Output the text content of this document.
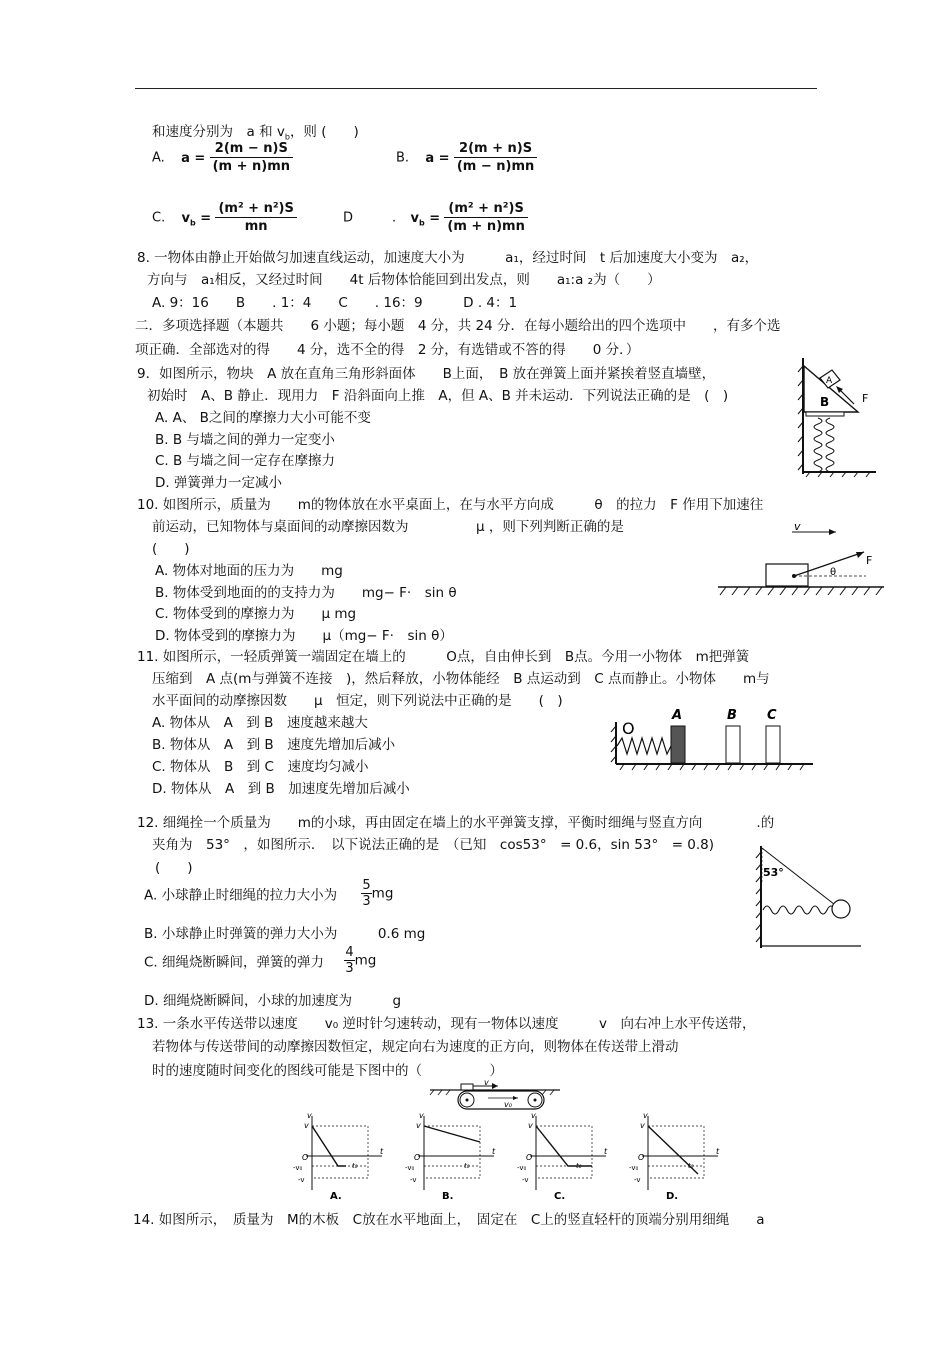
和速度分别为　a 和 $v_b$，则 (　　)
A. $a = \frac{2(m - n)S}{(m + n)mn}$	B. $a = \frac{2(m + n)S}{(m - n)mn}$
C. $v_b = \frac{\text{(m² + n²)S}}{mn}$	D　　　. $v_b = \frac{\text{(m² + n²)S}}{(m + n)mn}$
8. 一物体由静止开始做匀加速直线运动，加速度大小为　　　a₁，经过时间　t 后加速度大小变为　a₂，
方向与　a₁相反，又经过时间　　4t 后物体恰能回到出发点，则　　a₁:a ₂为（　　）
A. 9：16　　B　　. 1：4　　C　　. 16：9　　　D . 4：1
二．多项选择题（本题共　　6 小题；每小题　4 分，共 24 分．在每小题给出的四个选项中　　，有多个选
项正确．全部选对的得　　4 分，选不全的得　2 分，有选错或不答的得　　0 分．）
9．如图所示，物块　A 放在直角三角形斜面体　　B上面，　B 放在弹簧上面并紧挨着竖直墙壁，
初始时　A、B 静止．现用力　F 沿斜面向上推　A，但 A、B 并未运动．下列说法正确的是　(　)
A. A、 B之间的摩擦力大小可能不变
B. B 与墙之间的弹力一定变小
C. B 与墙之间一定存在摩擦力
D. 弹簧弹力一定减小
B
A
F
10. 如图所示，质量为　　m的物体放在水平桌面上，在与水平方向成　　　θ　的拉力　F 作用下加速往
前运动，已知物体与桌面间的动摩擦因数为　　　　　μ ，则下列判断正确的是
(　　)
A. 物体对地面的压力为　　mg
B. 物体受到地面的的支持力为　　mg− F·　sin θ
C. 物体受到的摩擦力为　　μ mg
D. 物体受到的摩擦力为　　μ（mg− F·　sin θ）
v
F
θ
11. 如图所示，一轻质弹簧一端固定在墙上的　　　O点，自由伸长到　B点。今用一小物体　m把弹簧
压缩到　A 点(m与弹簧不连接　)，然后释放，小物体能经　B 点运动到　C 点而静止。小物体　　m与
水平面间的动摩擦因数　　μ　恒定，则下列说法中正确的是　　(　)
A. 物体从　A　到 B　速度越来越大
B. 物体从　A　到 B　速度先增加后减小
C. 物体从　B　到 C　速度均匀减小
D. 物体从　A　到 B　加速度先增加后减小
O
A	B C
12. 细绳拴一个质量为　　m的小球，再由固定在墙上的水平弹簧支撑，平衡时细绳与竖直方向　　　　.的
夹角为　53°　，如图所示．　以下说法正确的是　（已知　cos53°　= 0.6，sin 53°　= 0.8)
(　　)
A. 小球静止时细绳的拉力大小为 $\frac{5}{3}$ mg
B. 小球静止时弹簧的弹力大小为　　　0.6 mg
C. 细绳烧断瞬间，弹簧的弹力 $\frac{4}{3}$ mg
D. 细绳烧断瞬间，小球的加速度为　　　g
53°
13. 一条水平传送带以速度　　v₀ 逆时针匀速转动，现有一物体以速度　　　v　向右冲上水平传送带，
若物体与传送带间的动摩擦因数恒定，规定向右为速度的正方向，则物体在传送带上滑动
时的速度随时间变化的图线可能是下图中的（　　　　　）
v
v₀
v
t
O
-v₀
-v
v
t₀
A.
v
t
O
-v₀
-v
v
t₀
B.
v
t
O
-v₀
-v
v
t₀
C.
v
t
O
-v₀
-v
v
t₀
D.
14. 如图所示，　质量为　M的木板　C放在水平地面上，　固定在　C上的竖直轻杆的顶端分别用细绳　　a
